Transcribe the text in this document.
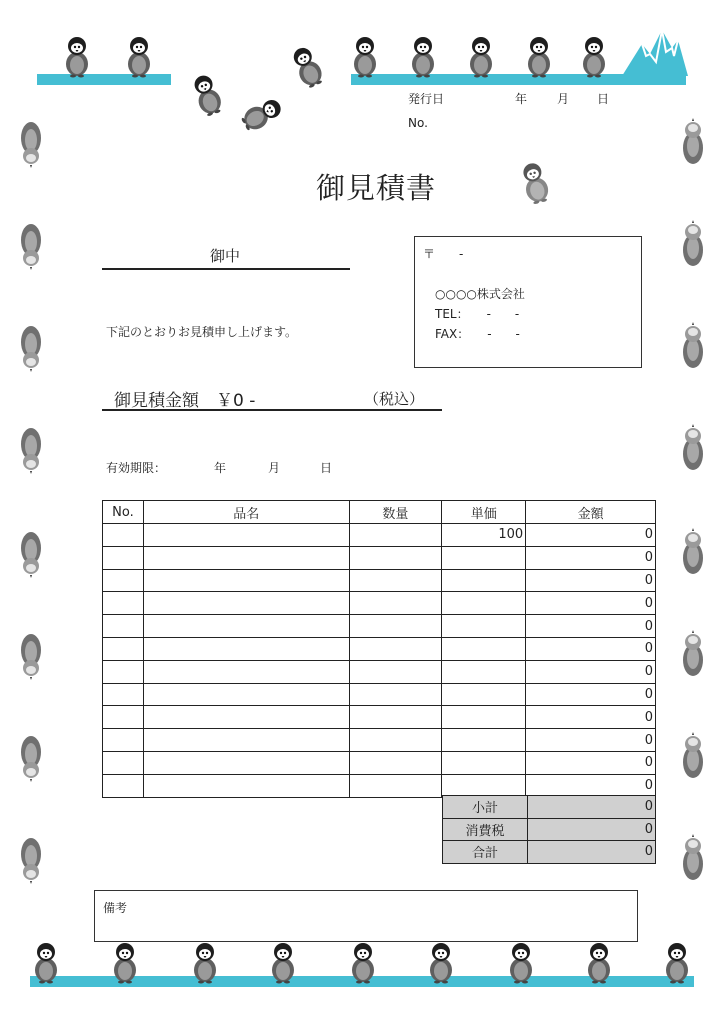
発行日	年 月 日
No.
御見積書
御中
下記のとおりお見積申し上げます。
〒　　-
○○○○株式会社
TEL：　　-　　-
FAX：　　-　　-
御見積金額 ￥0 -	（税込）
有効期限：	年	月	日
No.	品名	数量	単価	金額
			100	0
				0
				0
				0
				0
				0
				0
				0
				0
				0
				0
				0
小計	0
消費税	0
合計	0
備考
